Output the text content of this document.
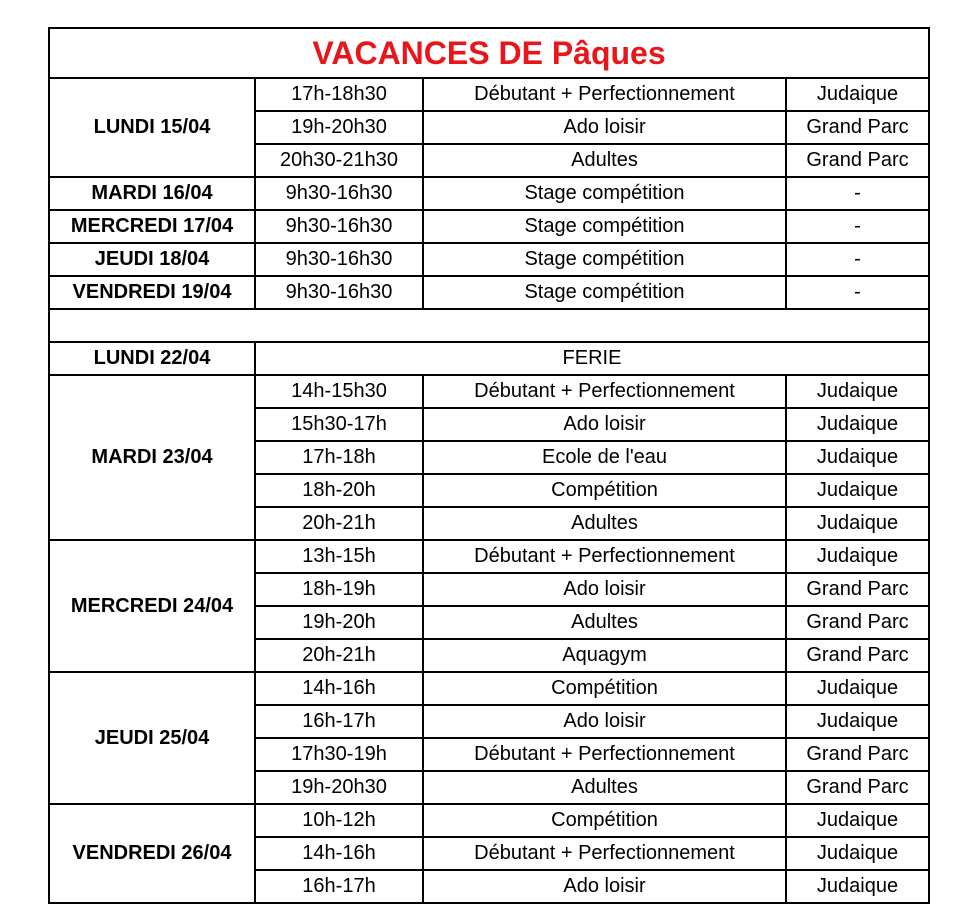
VACANCES DE Pâques			
LUNDI 15/04	17h-18h30	Débutant + Perfectionnement	Judaique
	19h-20h30	Ado loisir	Grand Parc
	20h30-21h30	Adultes	Grand Parc
MARDI 16/04	9h30-16h30	Stage compétition	-
MERCREDI 17/04	9h30-16h30	Stage compétition	-
JEUDI 18/04	9h30-16h30	Stage compétition	-
VENDREDI 19/04	9h30-16h30	Stage compétition	-

LUNDI 22/04	FERIE		
MARDI 23/04	14h-15h30	Débutant + Perfectionnement	Judaique
	15h30-17h	Ado loisir	Judaique
	17h-18h	Ecole de l'eau	Judaique
	18h-20h	Compétition	Judaique
	20h-21h	Adultes	Judaique
MERCREDI 24/04	13h-15h	Débutant + Perfectionnement	Judaique
	18h-19h	Ado loisir	Grand Parc
	19h-20h	Adultes	Grand Parc
	20h-21h	Aquagym	Grand Parc
JEUDI 25/04	14h-16h	Compétition	Judaique
	16h-17h	Ado loisir	Judaique
	17h30-19h	Débutant + Perfectionnement	Grand Parc
	19h-20h30	Adultes	Grand Parc
VENDREDI 26/04	10h-12h	Compétition	Judaique
	14h-16h	Débutant + Perfectionnement	Judaique
	16h-17h	Ado loisir	Judaique
